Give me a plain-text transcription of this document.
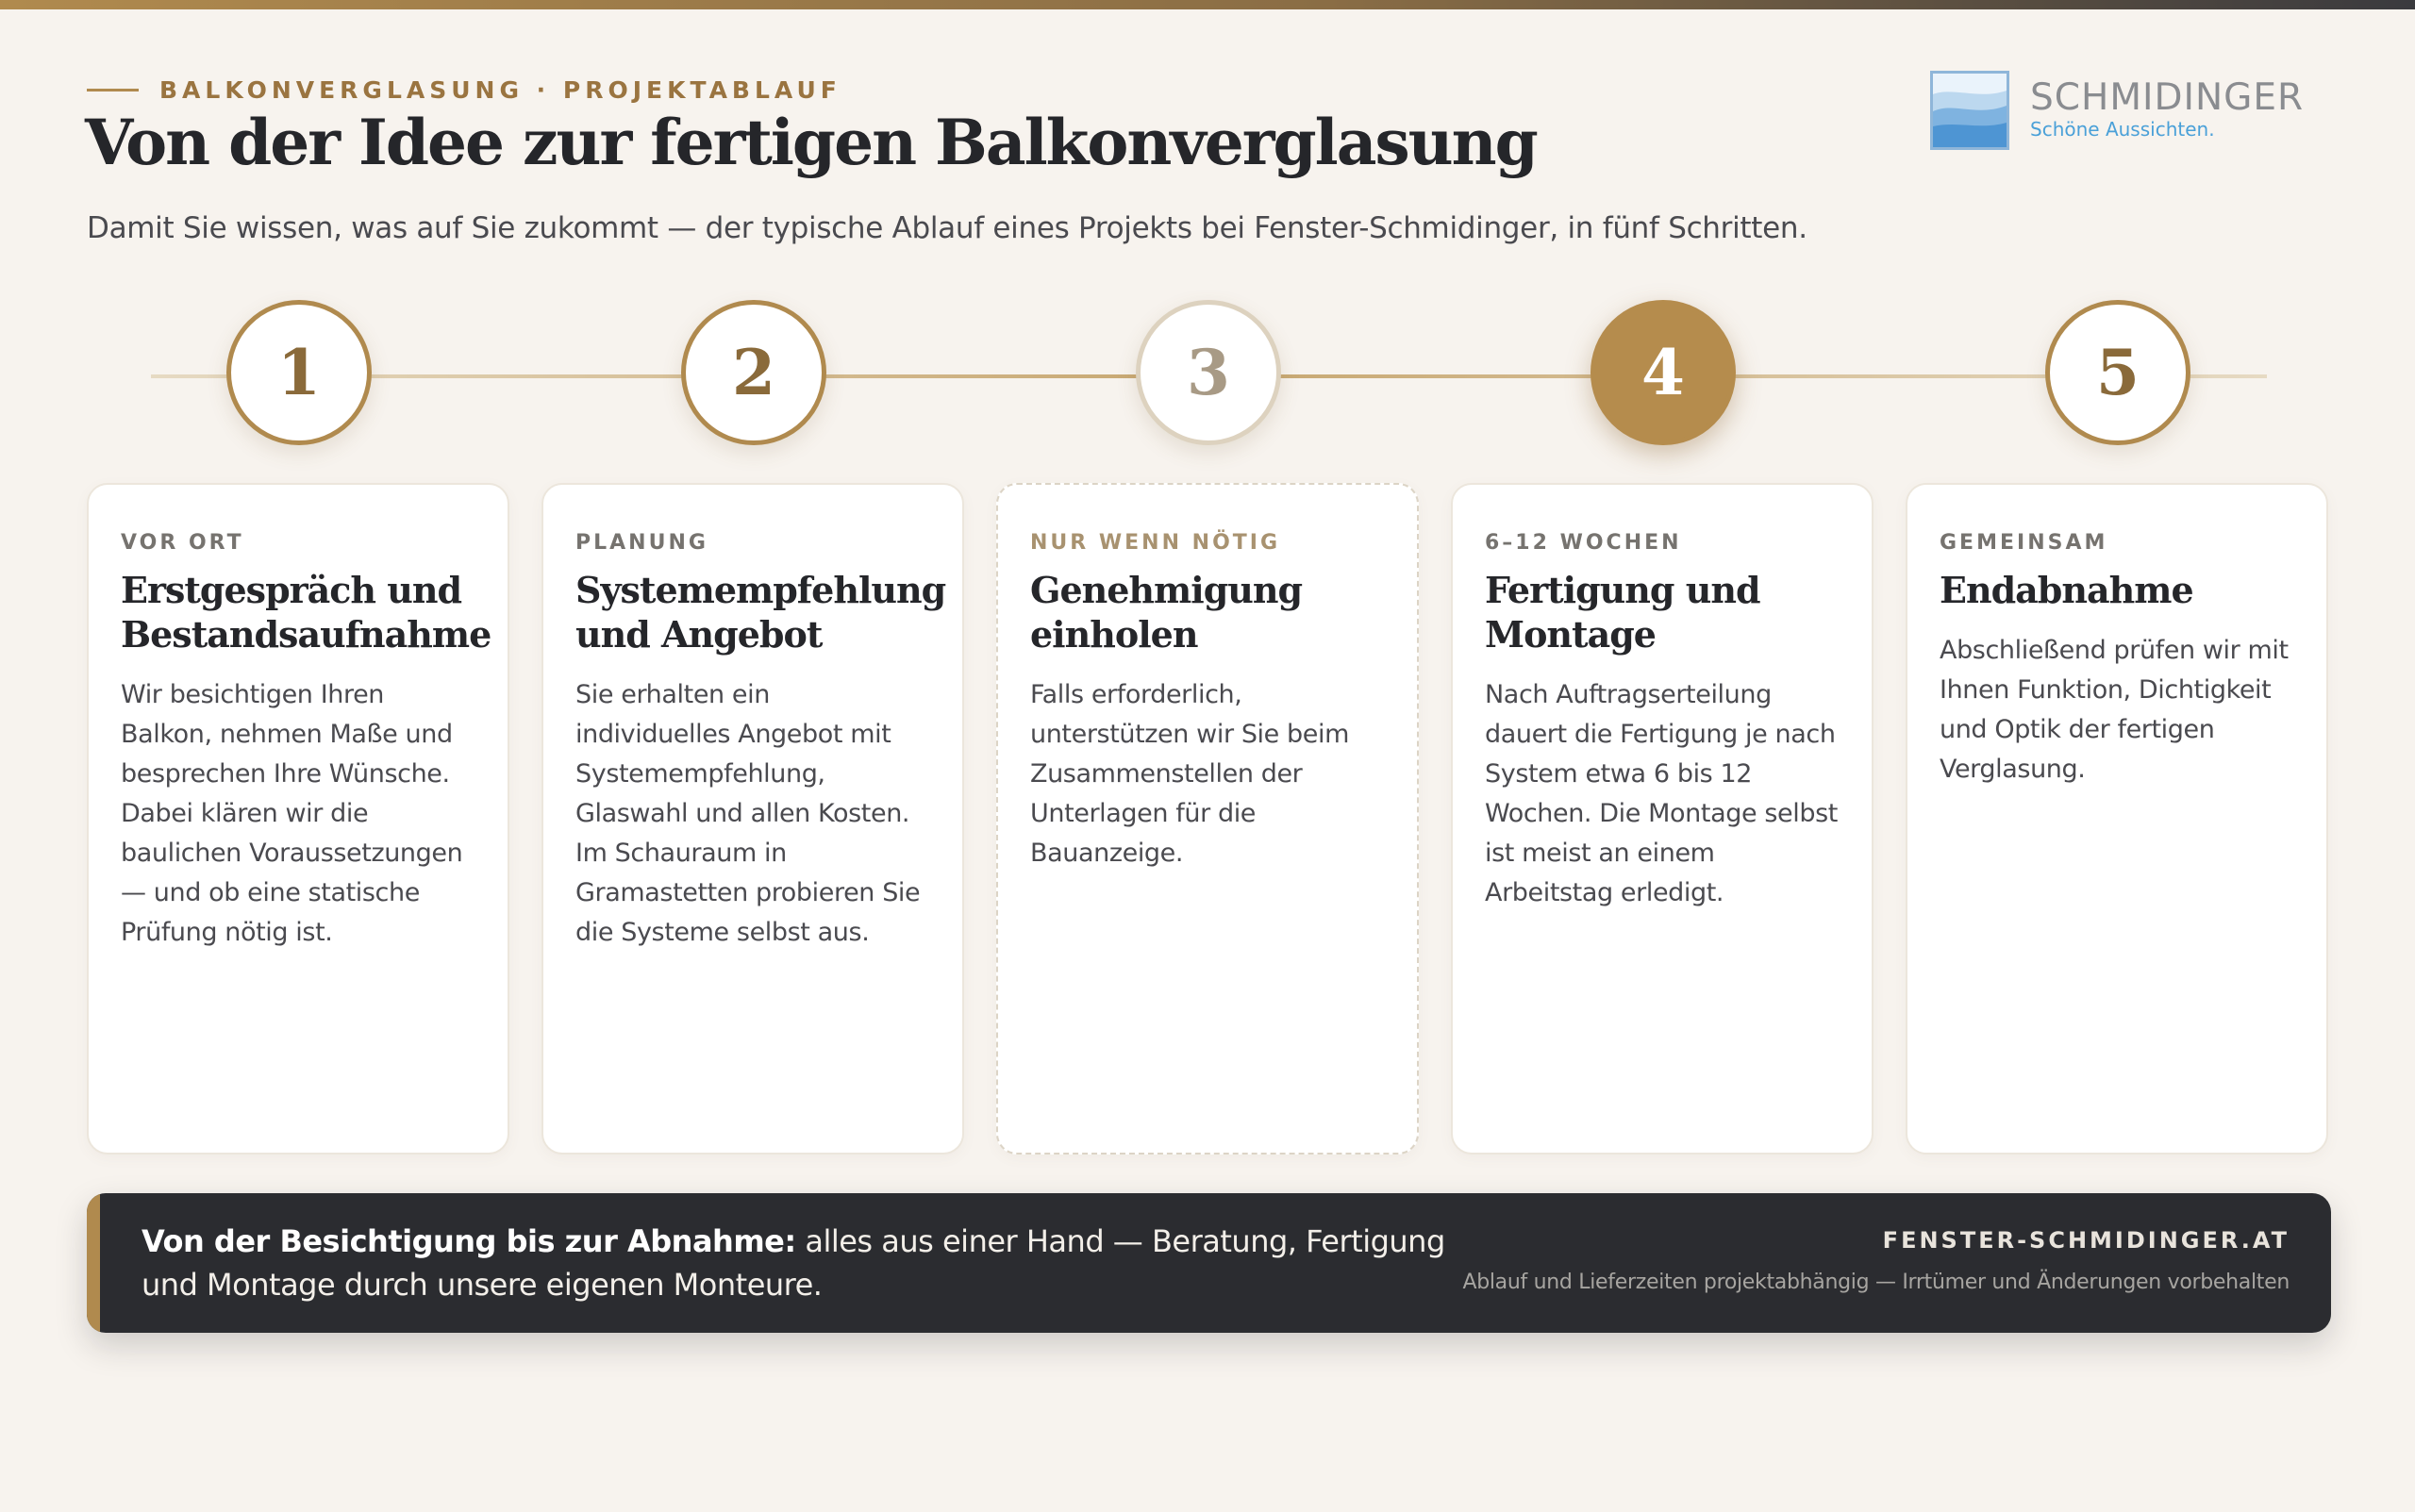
BALKONVERGLASUNG · PROJEKTABLAUF
Von der Idee zur fertigen Balkonverglasung
Damit Sie wissen, was auf Sie zukommt — der typische Ablauf eines Projekts bei Fenster-Schmidinger, in fünf Schritten.
SCHMIDINGER
Schöne Aussichten.
1	2	3	4	5
VOR ORT
Erstgespräch und Bestandsaufnahme
Wir besichtigen Ihren Balkon, nehmen Maße und besprechen Ihre Wünsche. Dabei klären wir die baulichen Voraussetzungen — und ob eine statische Prüfung nötig ist.
PLANUNG
Systemempfehlung und Angebot
Sie erhalten ein individuelles Angebot mit Systemempfehlung, Glaswahl und allen Kosten. Im Schauraum in Gramastetten probieren Sie die Systeme selbst aus.
NUR WENN NÖTIG
Genehmigung einholen
Falls erforderlich, unterstützen wir Sie beim Zusammenstellen der Unterlagen für die Bauanzeige.
6–12 WOCHEN
Fertigung und Montage
Nach Auftragserteilung dauert die Fertigung je nach System etwa 6 bis 12 Wochen. Die Montage selbst ist meist an einem Arbeitstag erledigt.
GEMEINSAM
Endabnahme
Abschließend prüfen wir mit Ihnen Funktion, Dichtigkeit und Optik der fertigen Verglasung.
Von der Besichtigung bis zur Abnahme: alles aus einer Hand — Beratung, Fertigung und Montage durch unsere eigenen Monteure.
FENSTER-SCHMIDINGER.AT
Ablauf und Lieferzeiten projektabhängig — Irrtümer und Änderungen vorbehalten
